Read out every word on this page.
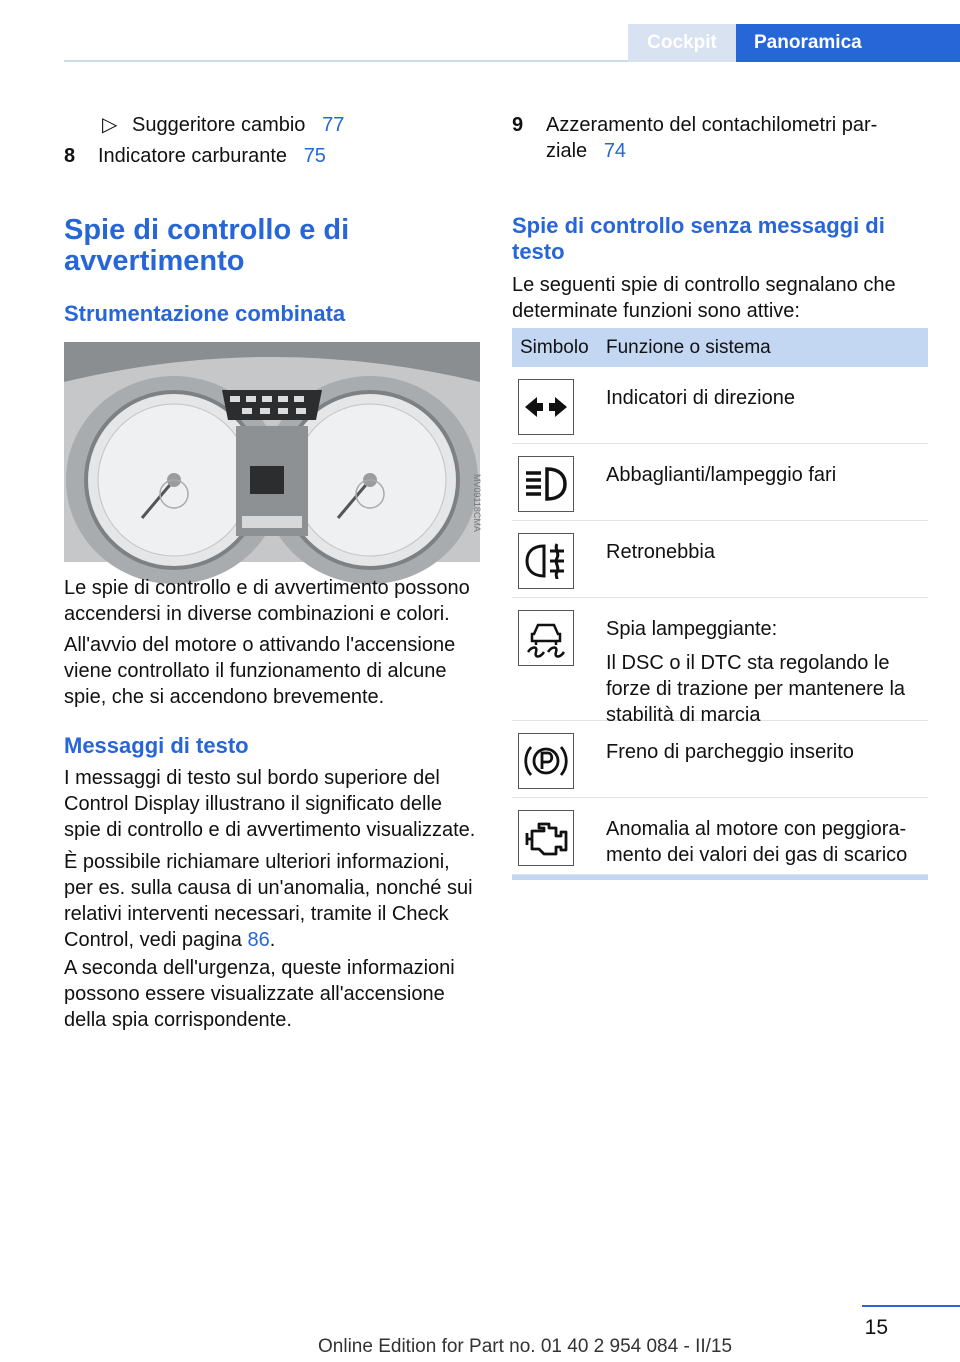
Cockpit	Panoramica
▷ Suggeritore cambio 77
8 Indicatore carburante 75
Spie di controllo e di avvertimento
Strumentazione combinata
MV09118CMA
Le spie di controllo e di avvertimento possono accendersi in diverse combinazioni e colori.
All'avvio del motore o attivando l'accensione viene controllato il funzionamento di alcune spie, che si accendono brevemente.
Messaggi di testo
I messaggi di testo sul bordo superiore del Control Display illustrano il significato delle spie di controllo e di avvertimento visualizzate.
È possibile richiamare ulteriori informazioni, per es. sulla causa di un'anomalia, nonché sui relativi interventi necessari, tramite il Check Control, vedi pagina 86.
A seconda dell'urgenza, queste informazioni possono essere visualizzate all'accensione della spia corrispondente.
9 Azzeramento del contachilometri par-
ziale 74
Spie di controllo senza messaggi di testo
Le seguenti spie di controllo segnalano che determinate funzioni sono attive:
Simbolo Funzione o sistema
Indicatori di direzione
Abbaglianti/lampeggio fari
Retronebbia
Spia lampeggiante:
Il DSC o il DTC sta regolando le forze di trazione per mantenere la stabilità di marcia
Freno di parcheggio inserito
Anomalia al motore con peggiora-mento dei valori dei gas di scarico
15
Online Edition for Part no. 01 40 2 954 084 - II/15
